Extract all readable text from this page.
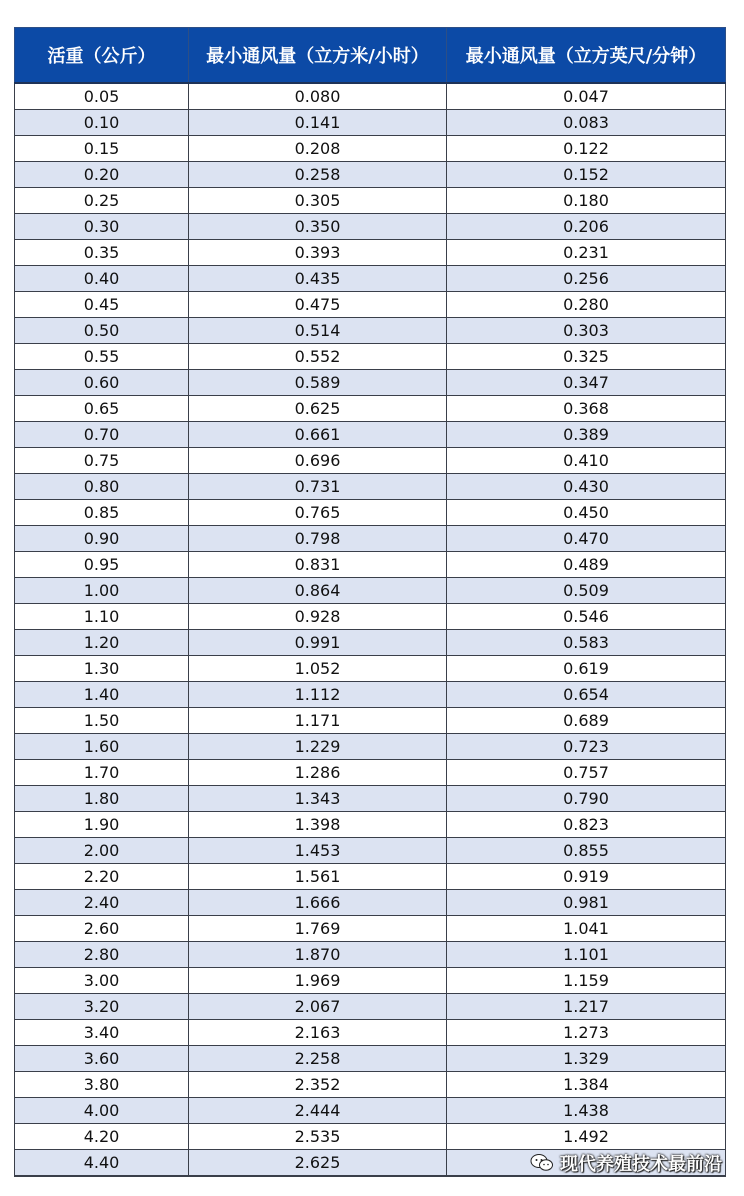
活重（公斤）	最小通风量（立方米/小时）	最小通风量（立方英尺/分钟）
0.05	0.080	0.047
0.10	0.141	0.083
0.15	0.208	0.122
0.20	0.258	0.152
0.25	0.305	0.180
0.30	0.350	0.206
0.35	0.393	0.231
0.40	0.435	0.256
0.45	0.475	0.280
0.50	0.514	0.303
0.55	0.552	0.325
0.60	0.589	0.347
0.65	0.625	0.368
0.70	0.661	0.389
0.75	0.696	0.410
0.80	0.731	0.430
0.85	0.765	0.450
0.90	0.798	0.470
0.95	0.831	0.489
1.00	0.864	0.509
1.10	0.928	0.546
1.20	0.991	0.583
1.30	1.052	0.619
1.40	1.112	0.654
1.50	1.171	0.689
1.60	1.229	0.723
1.70	1.286	0.757
1.80	1.343	0.790
1.90	1.398	0.823
2.00	1.453	0.855
2.20	1.561	0.919
2.40	1.666	0.981
2.60	1.769	1.041
2.80	1.870	1.101
3.00	1.969	1.159
3.20	2.067	1.217
3.40	2.163	1.273
3.60	2.258	1.329
3.80	2.352	1.384
4.00	2.444	1.438
4.20	2.535	1.492
4.40	2.625		现代养殖技术最前沿
